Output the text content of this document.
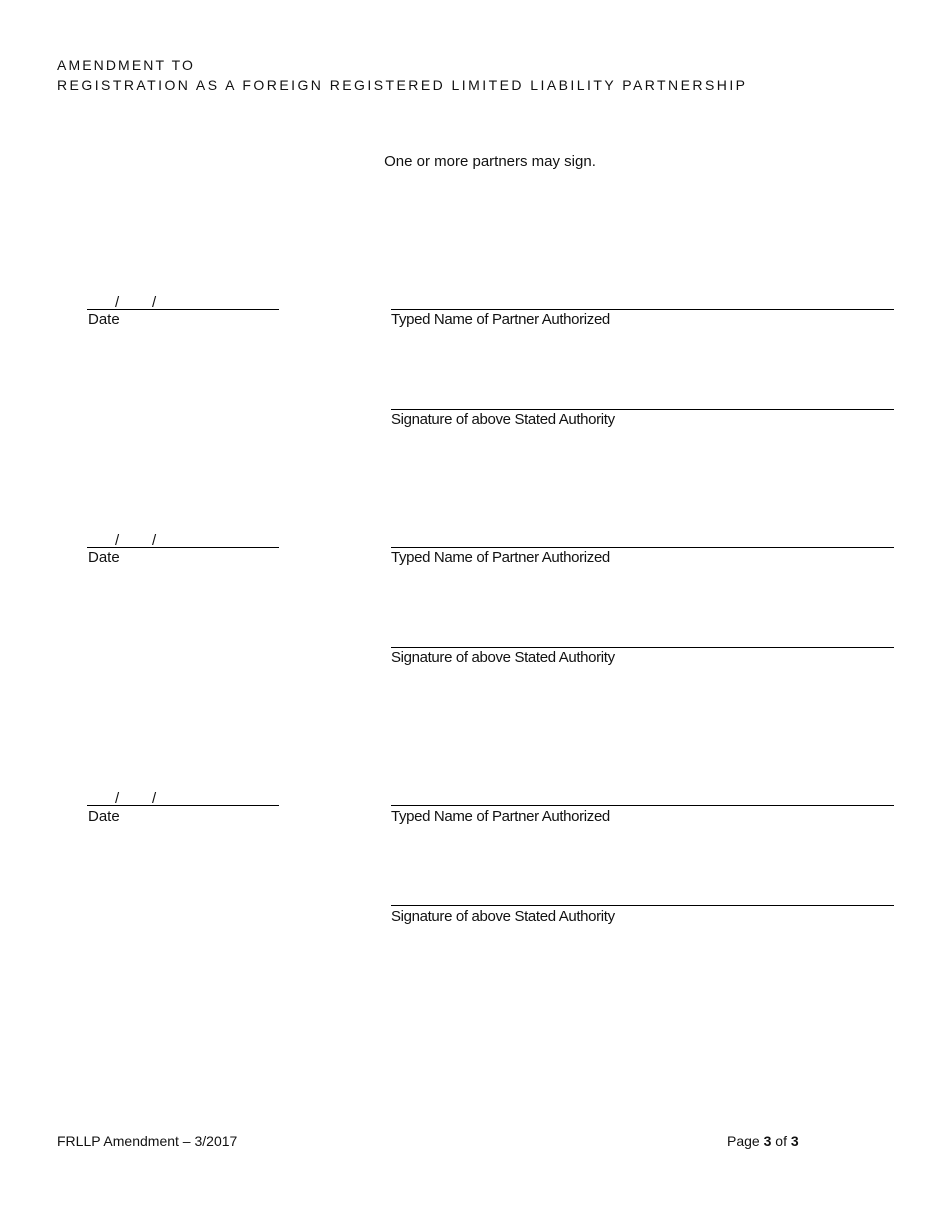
AMENDMENT TO
REGISTRATION AS A FOREIGN REGISTERED LIMITED LIABILITY PARTNERSHIP
One or more partners may sign.
/ /
Date	Typed Name of Partner Authorized
Signature of above Stated Authority
/ /
Date	Typed Name of Partner Authorized
Signature of above Stated Authority
/ /
Date	Typed Name of Partner Authorized
Signature of above Stated Authority
FRLLP Amendment – 3/2017	Page 3 of 3
